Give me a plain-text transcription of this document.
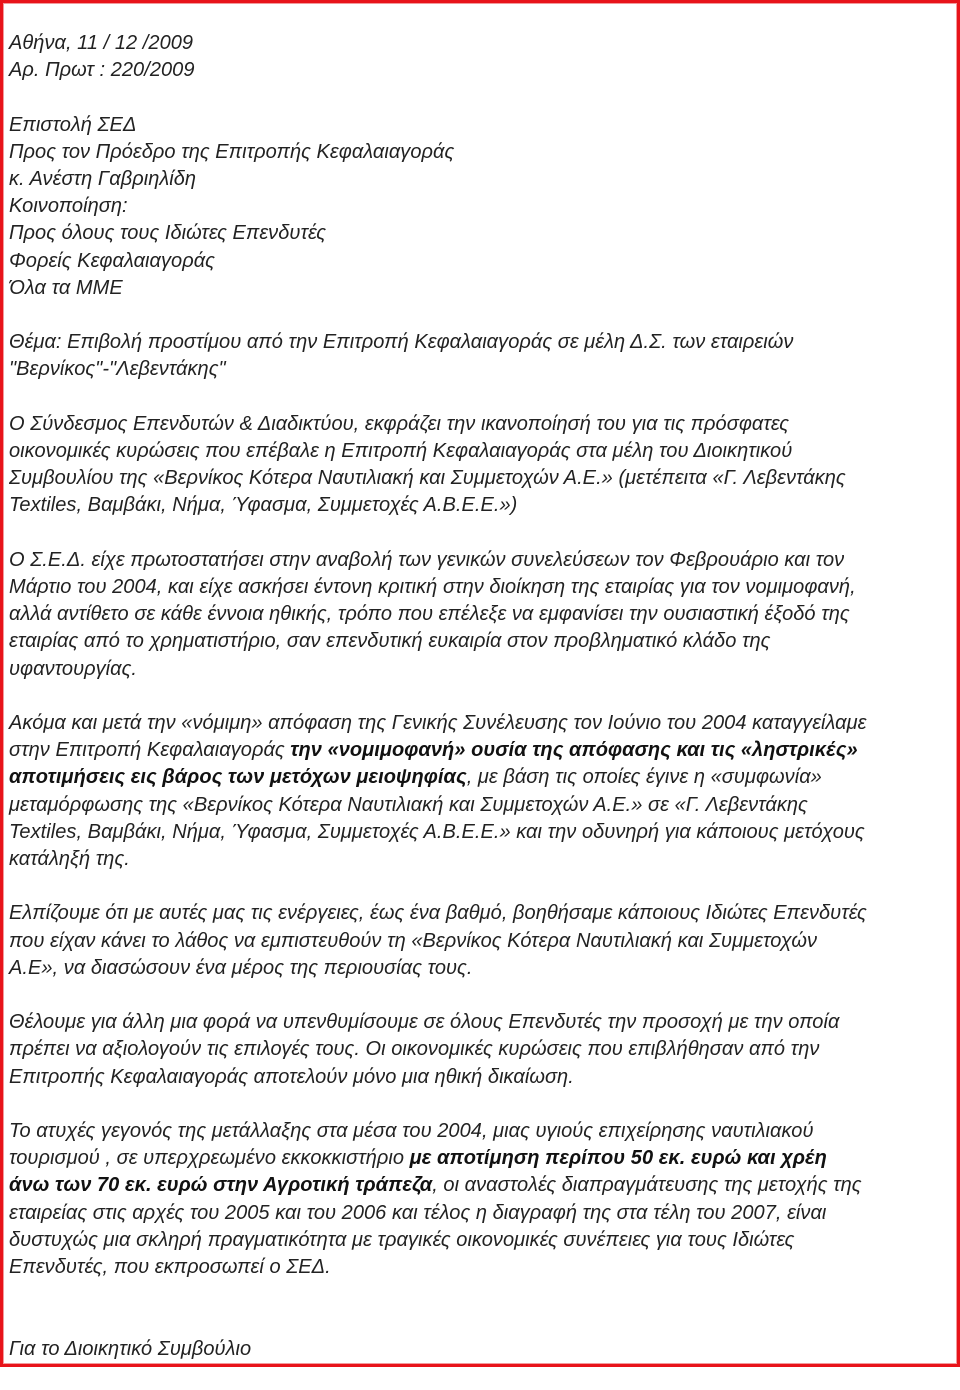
Αθήνα, 11 / 12 /2009
Αρ. Πρωτ : 220/2009

Επιστολή ΣΕΔ
Προς τον Πρόεδρο της Επιτροπής Κεφαλαιαγοράς
κ. Ανέστη Γαβριηλίδη
Κοινοποίηση:
Προς όλους τους Ιδιώτες Επενδυτές
Φορείς Κεφαλαιαγοράς
Όλα τα ΜΜΕ

Θέμα: Επιβολή προστίμου από την Επιτροπή Κεφαλαιαγοράς σε μέλη Δ.Σ. των εταιρειών
"Βερνίκος"-"Λεβεντάκης"

Ο Σύνδεσμος Επενδυτών & Διαδικτύου, εκφράζει την ικανοποίησή του για τις πρόσφατες
οικονομικές κυρώσεις που επέβαλε η Επιτροπή Κεφαλαιαγοράς στα μέλη του Διοικητικού
Συμβουλίου της «Βερνίκος Κότερα Ναυτιλιακή και Συμμετοχών Α.Ε.» (μετέπειτα «Γ. Λεβεντάκης
Textiles, Βαμβάκι, Νήμα, Ύφασμα, Συμμετοχές Α.Β.Ε.Ε.»)

Ο Σ.Ε.Δ. είχε πρωτοστατήσει στην αναβολή των γενικών συνελεύσεων τον Φεβρουάριο και τον
Μάρτιο του 2004, και είχε ασκήσει έντονη κριτική στην διοίκηση της εταιρίας για τον νομιμοφανή,
αλλά αντίθετο σε κάθε έννοια ηθικής, τρόπο που επέλεξε να εμφανίσει την ουσιαστική έξοδό της
εταιρίας από το χρηματιστήριο, σαν επενδυτική ευκαιρία στον προβληματικό κλάδο της
υφαντουργίας.

Ακόμα και μετά την «νόμιμη» απόφαση της Γενικής Συνέλευσης τον Ιούνιο του 2004 καταγγείλαμε
στην Επιτροπή Κεφαλαιαγοράς την «νομιμοφανή» ουσία της απόφασης και τις «ληστρικές»
αποτιμήσεις εις βάρος των μετόχων μειοψηφίας, με βάση τις οποίες έγινε η «συμφωνία»
μεταμόρφωσης της «Βερνίκος Κότερα Ναυτιλιακή και Συμμετοχών Α.Ε.» σε «Γ. Λεβεντάκης
Textiles, Βαμβάκι, Νήμα, Ύφασμα, Συμμετοχές Α.Β.Ε.Ε.» και την οδυνηρή για κάποιους μετόχους
κατάληξή της.

Ελπίζουμε ότι με αυτές μας τις ενέργειες, έως ένα βαθμό, βοηθήσαμε κάποιους Ιδιώτες Επενδυτές
που είχαν κάνει το λάθος να εμπιστευθούν τη «Βερνίκος Κότερα Ναυτιλιακή και Συμμετοχών
Α.Ε», να διασώσουν ένα μέρος της περιουσίας τους.

Θέλουμε για άλλη μια φορά να υπενθυμίσουμε σε όλους Επενδυτές την προσοχή με την οποία
πρέπει να αξιολογούν τις επιλογές τους. Οι οικονομικές κυρώσεις που επιβλήθησαν από την
Επιτροπής Κεφαλαιαγοράς αποτελούν μόνο μια ηθική δικαίωση.

Το ατυχές γεγονός της μετάλλαξης στα μέσα του 2004, μιας υγιούς επιχείρησης ναυτιλιακού
τουρισμού , σε υπερχρεωμένο εκκοκκιστήριο με αποτίμηση περίπου 50 εκ. ευρώ και χρέη
άνω των 70 εκ. ευρώ στην Αγροτική τράπεζα, οι αναστολές διαπραγμάτευσης της μετοχής της
εταιρείας στις αρχές του 2005 και του 2006 και τέλος η διαγραφή της στα τέλη του 2007, είναι
δυστυχώς μια σκληρή πραγματικότητα με τραγικές οικονομικές συνέπειες για τους Ιδιώτες
Επενδυτές, που εκπροσωπεί ο ΣΕΔ.

Για το Διοικητικό Συμβούλιο
